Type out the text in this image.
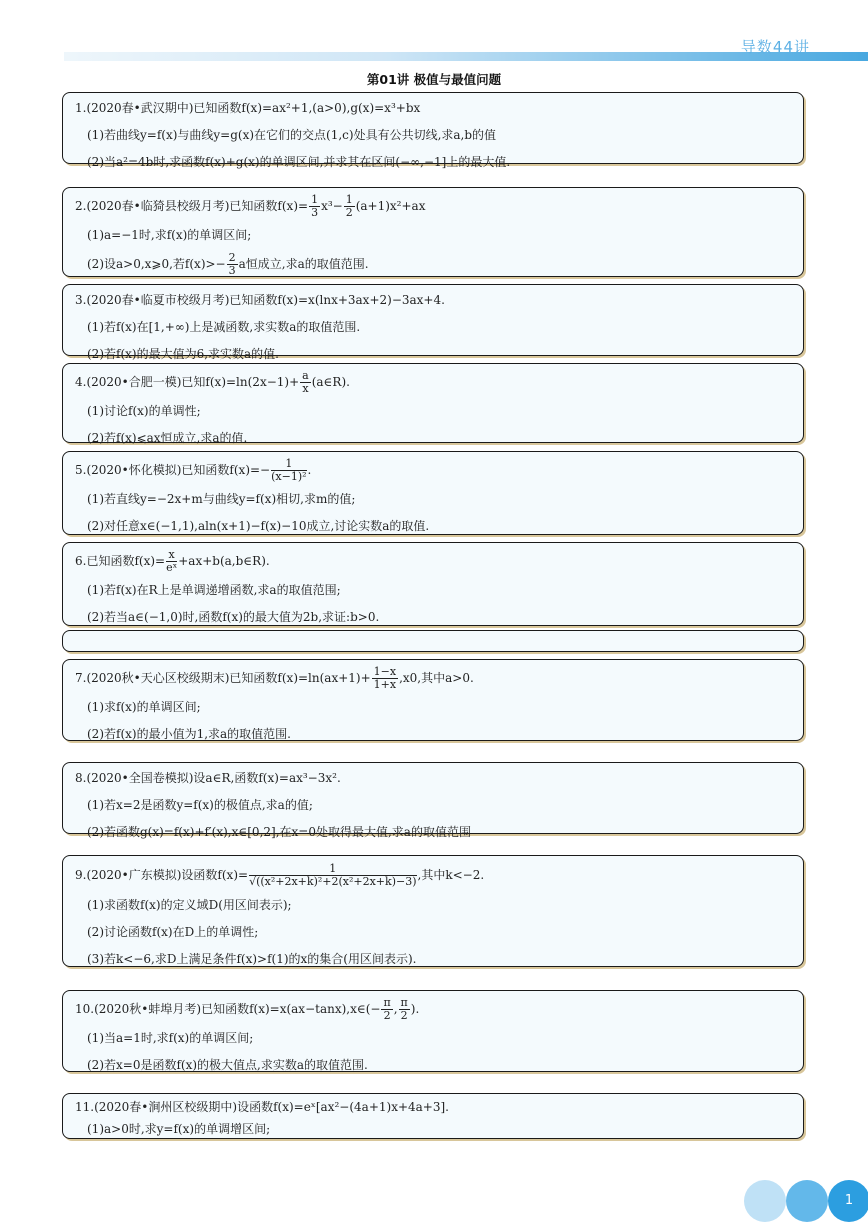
导数44讲
第01讲 极值与最值问题
1.(2020春•武汉期中)已知函数f(x)=ax²+1,(a>0),g(x)=x³+bx
(1)若曲线y=f(x)与曲线y=g(x)在它们的交点(1,c)处具有公共切线,求a,b的值
(2)当a²=4b时,求函数f(x)+g(x)的单调区间,并求其在区间(−∞,−1]上的最大值.
2.(2020春•临猗县校级月考)已知函数$f(x)= \frac{1}{3} x^3- \frac{1}{2} (a+1)x^2+ax$
(1)a=−1时,求f(x)的单调区间;
(2)设a>0,x⩾0,若$f(x)>- \frac{2}{3}$ a恒成立,求a的取值范围.
3.(2020春•临夏市校级月考)已知函数f(x)=x(lnx+3ax+2)−3ax+4.
(1)若f(x)在[1,+∞)上是减函数,求实数a的取值范围.
(2)若f(x)的最大值为6,求实数a的值.
4.(2020•合肥一模)已知$f(x)=\ln(2x-1)+ \frac{a}{x}$ (a∈R).
(1)讨论f(x)的单调性;
(2)若f(x)⩽ax恒成立,求a的值.
5.(2020•怀化模拟)已知函数$f(x)=- \frac{1}{\text{(x−1)²}}$ .
(1)若直线y=−2x+m与曲线y=f(x)相切,求m的值;
(2)对任意x∈(−1,1),aln(x+1)−f(x)−10成立,讨论实数a的取值.
6.已知函数$f(x)= \frac{x}{\text{eˣ}}$ +ax+b(a,b∈R).
(1)若f(x)在R上是单调递增函数,求a的取值范围;
(2)若当a∈(−1,0)时,函数f(x)的最大值为2b,求证:b>0.
7.(2020秋•天心区校级期末)已知函数$f(x)=\ln(ax+1)+ \frac{1-x}{1+x} ,x0$,其中a>0.
(1)求f(x)的单调区间;
(2)若f(x)的最小值为1,求a的取值范围.
8.(2020•全国卷模拟)设a∈R,函数f(x)=ax³−3x².
(1)若x=2是函数y=f(x)的极值点,求a的值;
(2)若函数g(x)=f(x)+f′(x),x∈[0,2],在x=0处取得最大值,求a的取值范围
9.(2020•广东模拟)设函数$f(x)= \frac{1}{\text{√((x²+2x+k)²+2(x²+2x+k)−3)}}$ ,其中k<−2.
(1)求函数f(x)的定义域D(用区间表示);
(2)讨论函数f(x)在D上的单调性;
(3)若k<−6,求D上满足条件f(x)>f(1)的x的集合(用区间表示).
10.(2020秋•蚌埠月考)已知函数f(x)=x(ax−tanx),x∈(− $\frac{\pi}{2}$ , $\frac{\pi}{2}$ ).
(1)当a=1时,求f(x)的单调区间;
(2)若x=0是函数f(x)的极大值点,求实数a的取值范围.
11.(2020春•涧州区校级期中)设函数f(x)=eˣ[ax²−(4a+1)x+4a+3].
(1)a>0时,求y=f(x)的单调增区间;
1
